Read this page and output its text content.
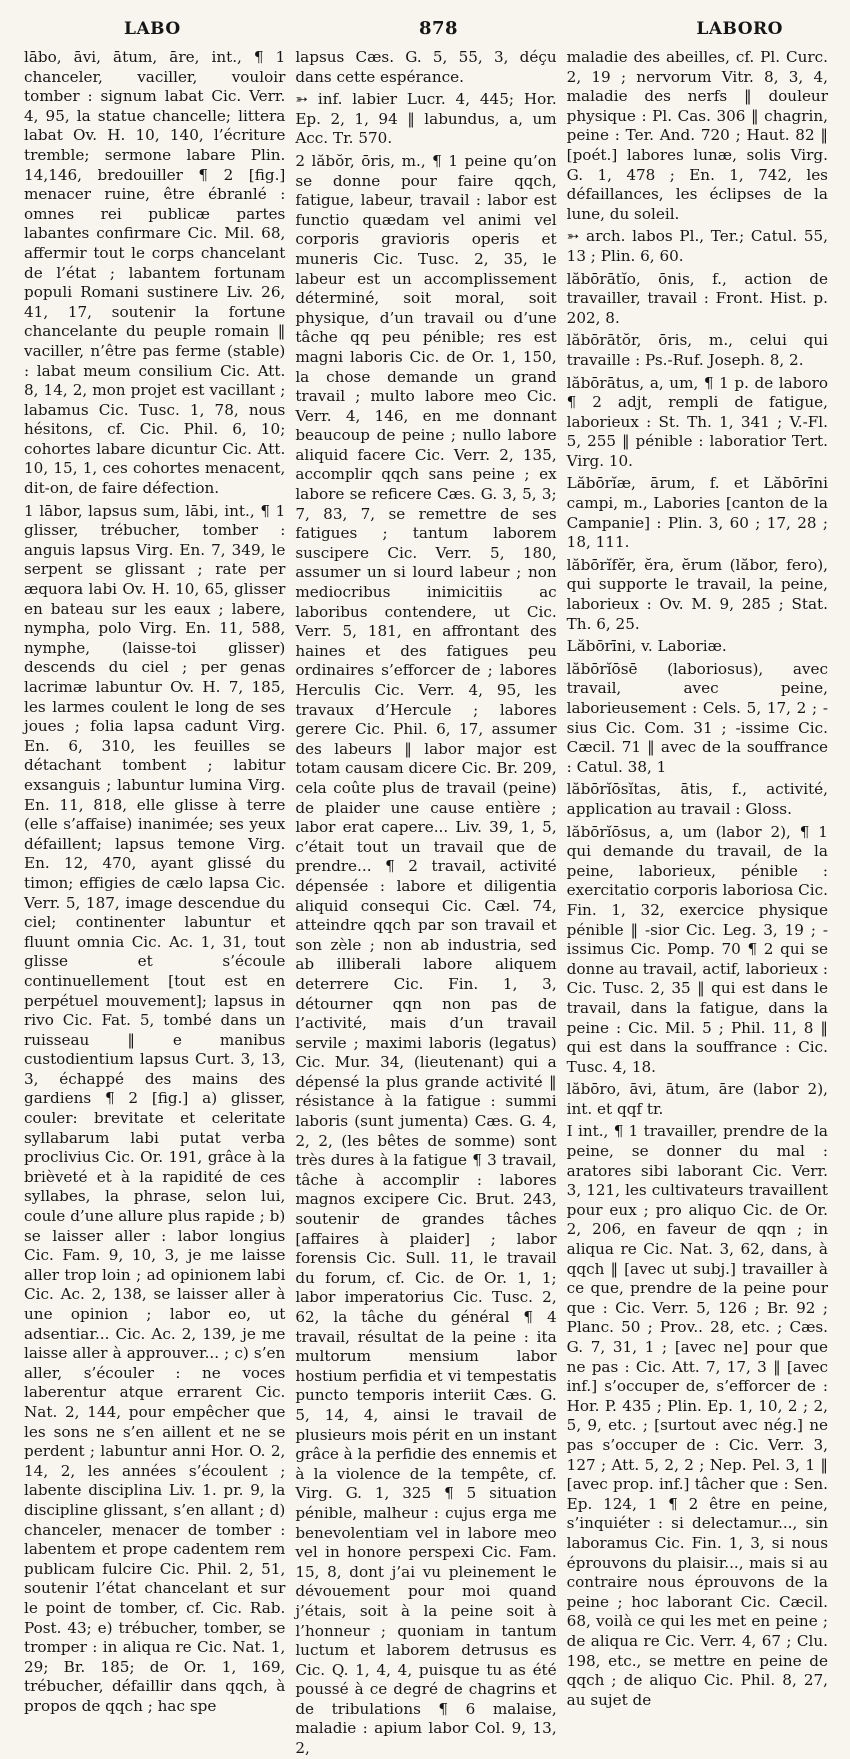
LABO	878	LABORO

lābo, āvi, ātum, āre, int., ¶ 1 chanceler, vaciller, vouloir tomber : signum labat Cic. Verr. 4, 95, la statue chancelle; littera labat Ov. H. 10, 140, l’écriture tremble; sermone labare Plin. 14,146, bredouiller ¶ 2 [fig.] menacer ruine, être ébranlé : omnes rei publicæ partes labantes confirmare Cic. Mil. 68, affermir tout le corps chancelant de l’état ; labantem fortunam populi Romani sustinere Liv. 26, 41, 17, soutenir la fortune chancelante du peuple romain ‖ vaciller, n’être pas ferme (stable) : labat meum consilium Cic. Att. 8, 14, 2, mon projet est vacillant ; labamus Cic. Tusc. 1, 78, nous hésitons, cf. Cic. Phil. 6, 10; cohortes labare dicuntur Cic. Att. 10, 15, 1, ces cohortes menacent, dit-on, de faire défection.

1 lābor, lapsus sum, lābi, int., ¶ 1 glisser, trébucher, tomber : anguis lapsus Virg. En. 7, 349, le serpent se glissant ; rate per æquora labi Ov. H. 10, 65, glisser en bateau sur les eaux ; labere, nympha, polo Virg. En. 11, 588, nymphe, (laisse-toi glisser) descends du ciel ; per genas lacrimæ labuntur Ov. H. 7, 185, les larmes coulent le long de ses joues ; folia lapsa cadunt Virg. En. 6, 310, les feuilles se détachant tombent ; labitur exsanguis ; labuntur lumina Virg. En. 11, 818, elle glisse à terre (elle s’affaise) inanimée; ses yeux défaillent; lapsus temone Virg. En. 12, 470, ayant glissé du timon; effigies de cælo lapsa Cic. Verr. 5, 187, image descendue du ciel; continenter labuntur et fluunt omnia Cic. Ac. 1, 31, tout glisse et s’écoule continuellement [tout est en perpétuel mouvement]; lapsus in rivo Cic. Fat. 5, tombé dans un ruisseau ‖ e manibus custodientium lapsus Curt. 3, 13, 3, échappé des mains des gardiens ¶ 2 [fig.] a) glisser, couler: brevitate et celeritate syllabarum labi putat verba proclivius Cic. Or. 191, grâce à la brièveté et à la rapidité de ces syllabes, la phrase, selon lui, coule d’une allure plus rapide ; b) se laisser aller : labor longius Cic. Fam. 9, 10, 3, je me laisse aller trop loin ; ad opinionem labi Cic. Ac. 2, 138, se laisser aller à une opinion ; labor eo, ut adsentiar... Cic. Ac. 2, 139, je me laisse aller à approuver... ; c) s’en aller, s’écouler : ne voces laberentur atque errarent Cic. Nat. 2, 144, pour empêcher que les sons ne s’en aillent et ne se perdent ; labuntur anni Hor. O. 2, 14, 2, les années s’écoulent ; labente disciplina Liv. 1. pr. 9, la discipline glissant, s’en allant ; d) chanceler, menacer de tomber : labentem et prope cadentem rem publicam fulcire Cic. Phil. 2, 51, soutenir l’état chancelant et sur le point de tomber, cf. Cic. Rab. Post. 43; e) trébucher, tomber, se tromper : in aliqua re Cic. Nat. 1, 29; Br. 185; de Or. 1, 169, trébucher, défaillir dans qqch, à propos de qqch ; hac spe

lapsus Cæs. G. 5, 55, 3, déçu dans cette espérance.

➳ inf. labier Lucr. 4, 445; Hor. Ep. 2, 1, 94 ‖ labundus, a, um Acc. Tr. 570.

2 lăbŏr, ōris, m., ¶ 1 peine qu’on se donne pour faire qqch, fatigue, labeur, travail : labor est functio quædam vel animi vel corporis gravioris operis et muneris Cic. Tusc. 2, 35, le labeur est un accomplissement déterminé, soit moral, soit physique, d’un travail ou d’une tâche qq peu pénible; res est magni laboris Cic. de Or. 1, 150, la chose demande un grand travail ; multo labore meo Cic. Verr. 4, 146, en me donnant beaucoup de peine ; nullo labore aliquid facere Cic. Verr. 2, 135, accomplir qqch sans peine ; ex labore se reficere Cæs. G. 3, 5, 3; 7, 83, 7, se remettre de ses fatigues ; tantum laborem suscipere Cic. Verr. 5, 180, assumer un si lourd labeur ; non mediocribus inimicitiis ac laboribus contendere, ut Cic. Verr. 5, 181, en affrontant des haines et des fatigues peu ordinaires s’efforcer de ; labores Herculis Cic. Verr. 4, 95, les travaux d’Hercule ; labores gerere Cic. Phil. 6, 17, assumer des labeurs ‖ labor major est totam causam dicere Cic. Br. 209, cela coûte plus de travail (peine) de plaider une cause entière ; labor erat capere... Liv. 39, 1, 5, c’était tout un travail que de prendre... ¶ 2 travail, activité dépensée : labore et diligentia aliquid consequi Cic. Cæl. 74, atteindre qqch par son travail et son zèle ; non ab industria, sed ab illiberali labore aliquem deterrere Cic. Fin. 1, 3, détourner qqn non pas de l’activité, mais d’un travail servile ; maximi laboris (legatus) Cic. Mur. 34, (lieutenant) qui a dépensé la plus grande activité ‖ résistance à la fatigue : summi laboris (sunt jumenta) Cæs. G. 4, 2, 2, (les bêtes de somme) sont très dures à la fatigue ¶ 3 travail, tâche à accomplir : labores magnos excipere Cic. Brut. 243, soutenir de grandes tâches [affaires à plaider] ; labor forensis Cic. Sull. 11, le travail du forum, cf. Cic. de Or. 1, 1; labor imperatorius Cic. Tusc. 2, 62, la tâche du général ¶ 4 travail, résultat de la peine : ita multorum mensium labor hostium perfidia et vi tempestatis puncto temporis interiit Cæs. G. 5, 14, 4, ainsi le travail de plusieurs mois périt en un instant grâce à la perfidie des ennemis et à la violence de la tempête, cf. Virg. G. 1, 325 ¶ 5 situation pénible, malheur : cujus erga me benevolentiam vel in labore meo vel in honore perspexi Cic. Fam. 15, 8, dont j’ai vu pleinement le dévouement pour moi quand j’étais, soit à la peine soit à l’honneur ; quoniam in tantum luctum et laborem detrusus es Cic. Q. 1, 4, 4, puisque tu as été poussé à ce degré de chagrins et de tribulations ¶ 6 malaise, maladie : apium labor Col. 9, 13, 2,

maladie des abeilles, cf. Pl. Curc. 2, 19 ; nervorum Vitr. 8, 3, 4, maladie des nerfs ‖ douleur physique : Pl. Cas. 306 ‖ chagrin, peine : Ter. And. 720 ; Haut. 82 ‖ [poét.] labores lunæ, solis Virg. G. 1, 478 ; En. 1, 742, les défaillances, les éclipses de la lune, du soleil.

➳ arch. labos Pl., Ter.; Catul. 55, 13 ; Plin. 6, 60.

lăbōrātĭo, ōnis, f., action de travailler, travail : Front. Hist. p. 202, 8.

lăbōrātŏr, ōris, m., celui qui travaille : Ps.-Ruf. Joseph. 8, 2.

lăbōrātus, a, um, ¶ 1 p. de laboro ¶ 2 adjt, rempli de fatigue, laborieux : St. Th. 1, 341 ; V.-Fl. 5, 255 ‖ pénible : laboratior Tert. Virg. 10.

Lăbōrĭæ, ārum, f. et Lăbōrīni campi, m., Labories [canton de la Campanie] : Plin. 3, 60 ; 17, 28 ; 18, 111.

lăbōrĭfĕr, ĕra, ĕrum (lăbor, fero), qui supporte le travail, la peine, laborieux : Ov. M. 9, 285 ; Stat. Th. 6, 25.

Lăbōrīni, v. Laboriæ.

lăbōrĭōsē (laboriosus), avec travail, avec peine, laborieusement : Cels. 5, 17, 2 ; -sius Cic. Com. 31 ; -issime Cic. Cæcil. 71 ‖ avec de la souffrance : Catul. 38, 1

lăbōrĭōsĭtas, ātis, f., activité, application au travail : Gloss.

lăbōrĭōsus, a, um (labor 2), ¶ 1 qui demande du travail, de la peine, laborieux, pénible : exercitatio corporis laboriosa Cic. Fin. 1, 32, exercice physique pénible ‖ -sior Cic. Leg. 3, 19 ; -issimus Cic. Pomp. 70 ¶ 2 qui se donne au travail, actif, laborieux : Cic. Tusc. 2, 35 ‖ qui est dans le travail, dans la fatigue, dans la peine : Cic. Mil. 5 ; Phil. 11, 8 ‖ qui est dans la souffrance : Cic. Tusc. 4, 18.

lăbōro, āvi, ātum, āre (labor 2), int. et qqf tr.

I int., ¶ 1 travailler, prendre de la peine, se donner du mal : aratores sibi laborant Cic. Verr. 3, 121, les cultivateurs travaillent pour eux ; pro aliquo Cic. de Or. 2, 206, en faveur de qqn ; in aliqua re Cic. Nat. 3, 62, dans, à qqch ‖ [avec ut subj.] travailler à ce que, prendre de la peine pour que : Cic. Verr. 5, 126 ; Br. 92 ; Planc. 50 ; Prov.. 28, etc. ; Cæs. G. 7, 31, 1 ; [avec ne] pour que ne pas : Cic. Att. 7, 17, 3 ‖ [avec inf.] s’occuper de, s’efforcer de : Hor. P. 435 ; Plin. Ep. 1, 10, 2 ; 2, 5, 9, etc. ; [surtout avec nég.] ne pas s’occuper de : Cic. Verr. 3, 127 ; Att. 5, 2, 2 ; Nep. Pel. 3, 1 ‖ [avec prop. inf.] tâcher que : Sen. Ep. 124, 1 ¶ 2 être en peine, s’inquiéter : si delectamur..., sin laboramus Cic. Fin. 1, 3, si nous éprouvons du plaisir..., mais si au contraire nous éprouvons de la peine ; hoc laborant Cic. Cæcil. 68, voilà ce qui les met en peine ; de aliqua re Cic. Verr. 4, 67 ; Clu. 198, etc., se mettre en peine de qqch ; de aliquo Cic. Phil. 8, 27, au sujet de
